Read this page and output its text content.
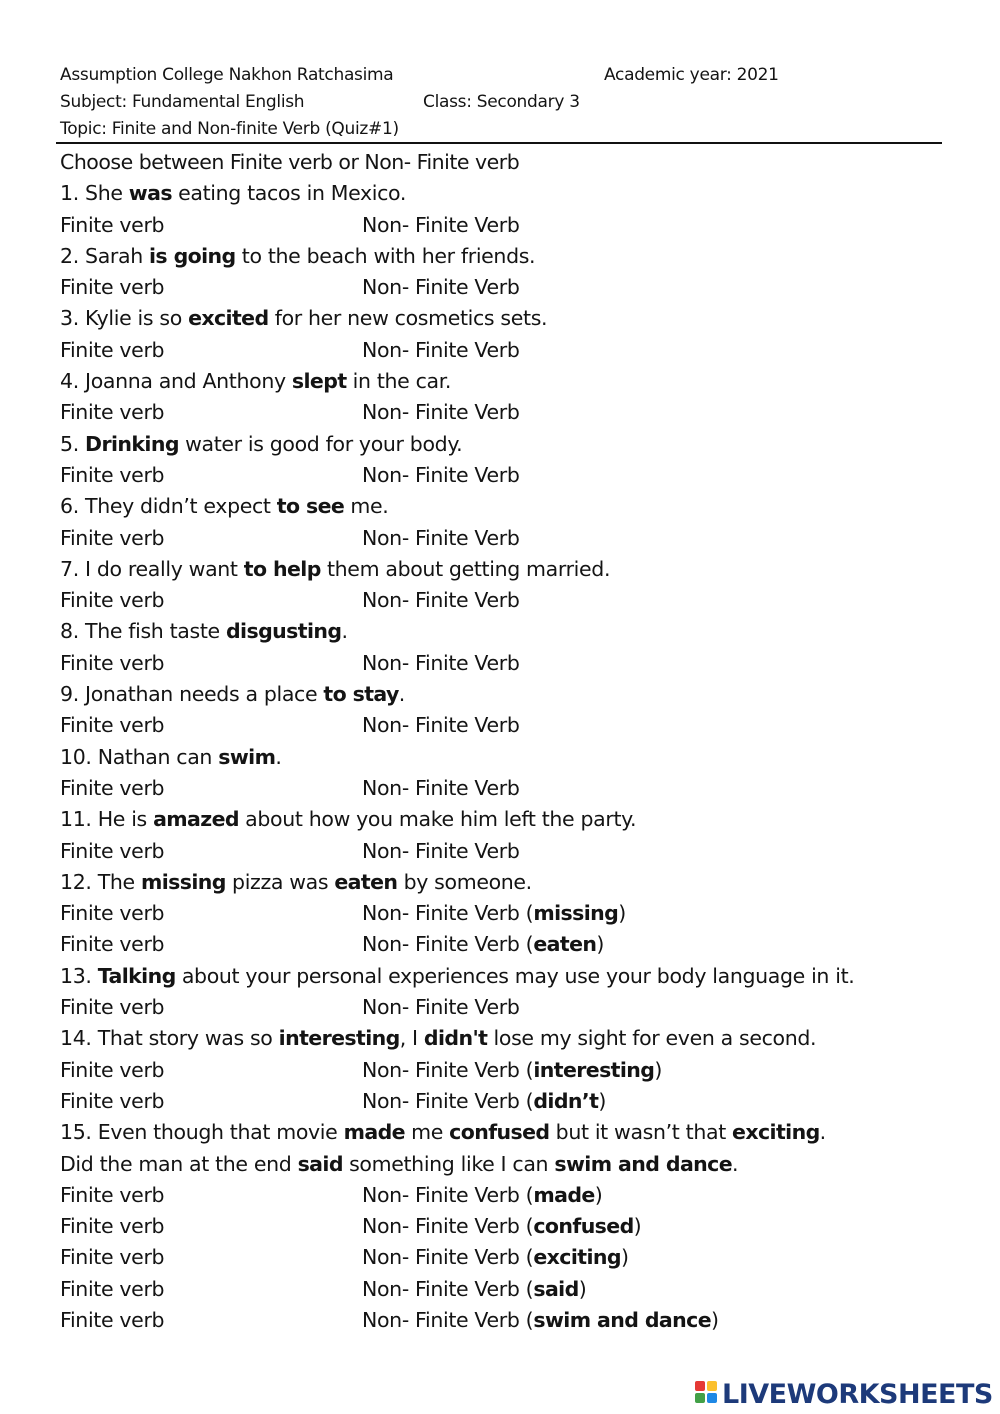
Assumption College Nakhon Ratchasima	Academic year: 2021
Subject: Fundamental English	Class: Secondary 3
Topic: Finite and Non-finite Verb (Quiz#1)
Choose between Finite verb or Non- Finite verb
1. She was eating tacos in Mexico.
Finite verb	Non- Finite Verb
2. Sarah is going to the beach with her friends.
Finite verb	Non- Finite Verb
3. Kylie is so excited for her new cosmetics sets.
Finite verb	Non- Finite Verb
4. Joanna and Anthony slept in the car.
Finite verb	Non- Finite Verb
5. Drinking water is good for your body.
Finite verb	Non- Finite Verb
6. They didn’t expect to see me.
Finite verb	Non- Finite Verb
7. I do really want to help them about getting married.
Finite verb	Non- Finite Verb
8. The fish taste disgusting.
Finite verb	Non- Finite Verb
9. Jonathan needs a place to stay.
Finite verb	Non- Finite Verb
10. Nathan can swim.
Finite verb	Non- Finite Verb
11. He is amazed about how you make him left the party.
Finite verb	Non- Finite Verb
12. The missing pizza was eaten by someone.
Finite verb	Non- Finite Verb (missing)
Finite verb	Non- Finite Verb (eaten)
13. Talking about your personal experiences may use your body language in it.
Finite verb	Non- Finite Verb
14. That story was so interesting, I didn't lose my sight for even a second.
Finite verb	Non- Finite Verb (interesting)
Finite verb	Non- Finite Verb (didn’t)
15. Even though that movie made me confused but it wasn’t that exciting.
Did the man at the end said something like I can swim and dance.
Finite verb	Non- Finite Verb (made)
Finite verb	Non- Finite Verb (confused)
Finite verb	Non- Finite Verb (exciting)
Finite verb	Non- Finite Verb (said)
Finite verb	Non- Finite Verb (swim and dance)
LIVEWORKSHEETS
